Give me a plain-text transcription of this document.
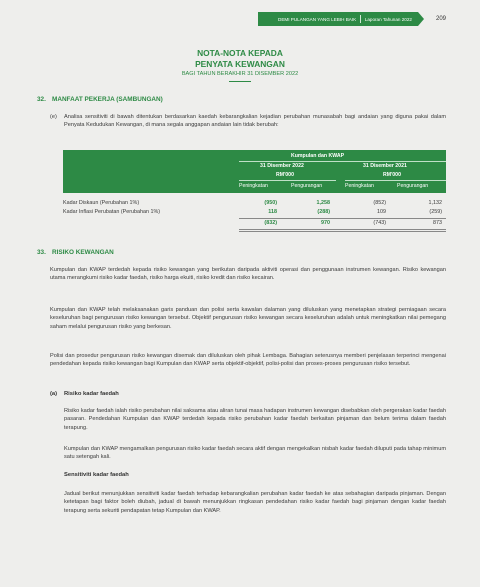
DEMI PULANGAN YANG LEBIH BAIK Laporan Tahunan 2022	209
NOTA-NOTA KEPADA
PENYATA KEWANGAN
BAGI TAHUN BERAKHIR 31 DISEMBER 2022
32. MANFAAT PEKERJA (SAMBUNGAN)
(e)	Analisa sensitiviti di bawah ditentukan berdasarkan kaedah kebarangkalian kejadian perubahan munasabah bagi andaian yang diguna pakai dalam Penyata Kedudukan Kewangan, di mana segala anggapan andaian lain tidak berubah:
Kumpulan dan KWAP
31 Disember 2022	31 Disember 2021
RM'000	RM'000
Peningkatan	Pengurangan	Peningkatan	Pengurangan
Kadar Diskaun (Perubahan 1%)	(950)	1,258	(852)	1,132
Kadar Inflasi Perubatan (Perubahan 1%)	118	(288)	109	(259)
(832)	970	(743)	873
33. RISIKO KEWANGAN
Kumpulan dan KWAP terdedah kepada risiko kewangan yang berikutan daripada aktiviti operasi dan penggunaan instrumen kewangan. Risiko kewangan utama merangkumi risiko kadar faedah, risiko harga ekuiti, risiko kredit dan risiko kecairan.
Kumpulan dan KWAP telah melaksanakan garis panduan dan polisi serta kawalan dalaman yang diluluskan yang menetapkan strategi perniagaan secara keseluruhan bagi pengurusan risiko kewangan tersebut. Objektif pengurusan risiko kewangan secara keseluruhan adalah untuk meningkatkan nilai pemegang saham melalui pengurusan risiko yang berkesan.
Polisi dan prosedur pengurusan risiko kewangan disemak dan diluluskan oleh pihak Lembaga. Bahagian seterusnya memberi penjelasan terperinci mengenai pendedahan kepada risiko kewangan bagi Kumpulan dan KWAP serta objektif-objektif, polisi-polisi dan proses-proses pengurusan risiko tersebut.
(a) Risiko kadar faedah
Risiko kadar faedah ialah risiko perubahan nilai saksama atau aliran tunai masa hadapan instrumen kewangan disebabkan oleh pergerakan kadar faedah pasaran. Pendedahan Kumpulan dan KWAP terdedah kepada risiko perubahan kadar faedah berkaitan pinjaman dan belum terima dalam faedah terapung.
Kumpulan dan KWAP mengamalkan pengurusan risiko kadar faedah secara aktif dengan mengekalkan nisbah kadar faedah diluputi pada tahap minimum satu setengah kali.
Sensitiviti kadar faedah
Jadual berikut menunjukkan sensitiviti kadar faedah terhadap kebarangkalian perubahan kadar faedah ke atas sebahagian daripada pinjaman. Dengan ketetapan bagi faktor boleh diubah, jadual di bawah menunjukkan ringkasan pendedahan risiko kadar faedah bagi pinjaman dengan kadar faedah terapung serta sekuriti pendapatan tetap Kumpulan dan KWAP.
